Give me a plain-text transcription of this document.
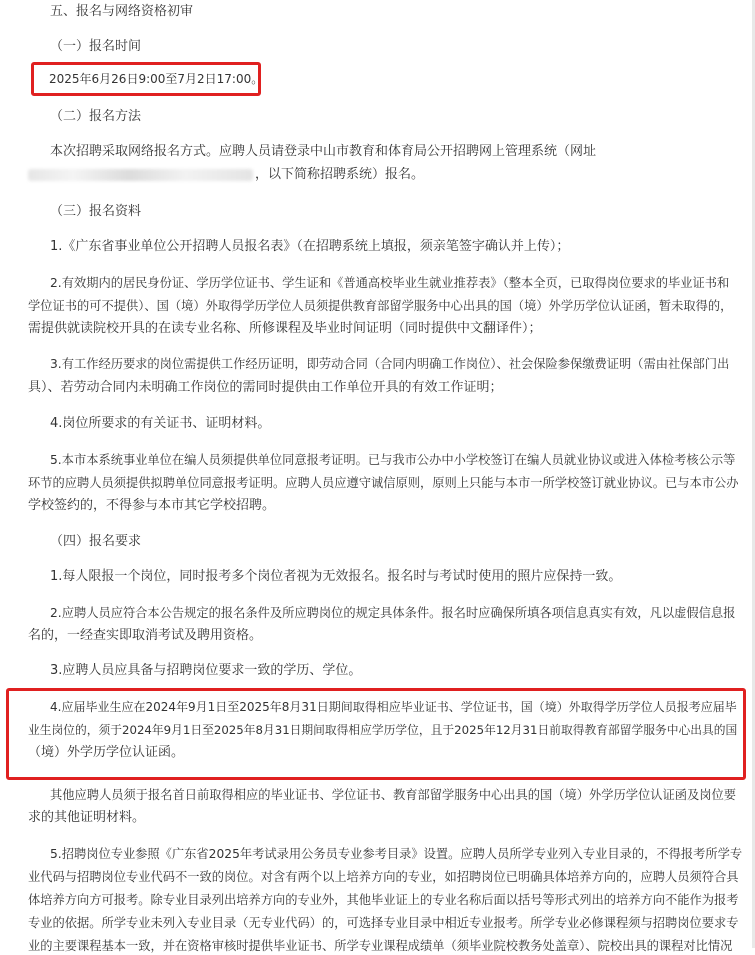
五、报名与网络资格初审
（一）报名时间
2025年6月26日9:00至7月2日17:00。
（二）报名方法
本次招聘采取网络报名方式。应聘人员请登录中山市教育和体育局公开招聘网上管理系统（网址
，以下简称招聘系统）报名。
（三）报名资料
1.《广东省事业单位公开招聘人员报名表》（在招聘系统上填报，须亲笔签字确认并上传）；
2.有效期内的居民身份证、学历学位证书、学生证和《普通高校毕业生就业推荐表》（整本全页，已取得岗位要求的毕业证书和
学位证书的可不提供）、国（境）外取得学历学位人员须提供教育部留学服务中心出具的国（境）外学历学位认证函，暂未取得的，
需提供就读院校开具的在读专业名称、所修课程及毕业时间证明（同时提供中文翻译件）；
3.有工作经历要求的岗位需提供工作经历证明，即劳动合同（合同内明确工作岗位）、社会保险参保缴费证明（需由社保部门出
具）、若劳动合同内未明确工作岗位的需同时提供由工作单位开具的有效工作证明；
4.岗位所要求的有关证书、证明材料。
5.本市本系统事业单位在编人员须提供单位同意报考证明。已与我市公办中小学校签订在编人员就业协议或进入体检考核公示等
环节的应聘人员须提供拟聘单位同意报考证明。应聘人员应遵守诚信原则，原则上只能与本市一所学校签订就业协议。已与本市公办
学校签约的，不得参与本市其它学校招聘。
（四）报名要求
1.每人限报一个岗位，同时报考多个岗位者视为无效报名。报名时与考试时使用的照片应保持一致。
2.应聘人员应符合本公告规定的报名条件及所应聘岗位的规定具体条件。报名时应确保所填各项信息真实有效，凡以虚假信息报
名的，一经查实即取消考试及聘用资格。
3.应聘人员应具备与招聘岗位要求一致的学历、学位。
4.应届毕业生应在2024年9月1日至2025年8月31日期间取得相应毕业证书、学位证书，国（境）外取得学历学位人员报考应届毕
业生岗位的，须于2024年9月1日至2025年8月31日期间取得相应学历学位，且于2025年12月31日前取得教育部留学服务中心出具的国
（境）外学历学位认证函。
其他应聘人员须于报名首日前取得相应的毕业证书、学位证书、教育部留学服务中心出具的国（境）外学历学位认证函及岗位要
求的其他证明材料。
5.招聘岗位专业参照《广东省2025年考试录用公务员专业参考目录》设置。应聘人员所学专业列入专业目录的，不得报考所学专
业代码与招聘岗位专业代码不一致的岗位。对含有两个以上培养方向的专业，如招聘岗位已明确具体培养方向的，应聘人员须符合具
体培养方向方可报考。除专业目录列出培养方向的专业外，其他毕业证上的专业名称后面以括号等形式列出的培养方向不能作为报考
专业的依据。所学专业未列入专业目录（无专业代码）的，可选择专业目录中相近专业报考。所学专业必修课程须与招聘岗位要求专
业的主要课程基本一致，并在资格审核时提供毕业证书、所学专业课程成绩单（须毕业院校教务处盖章）、院校出具的课程对比情况
